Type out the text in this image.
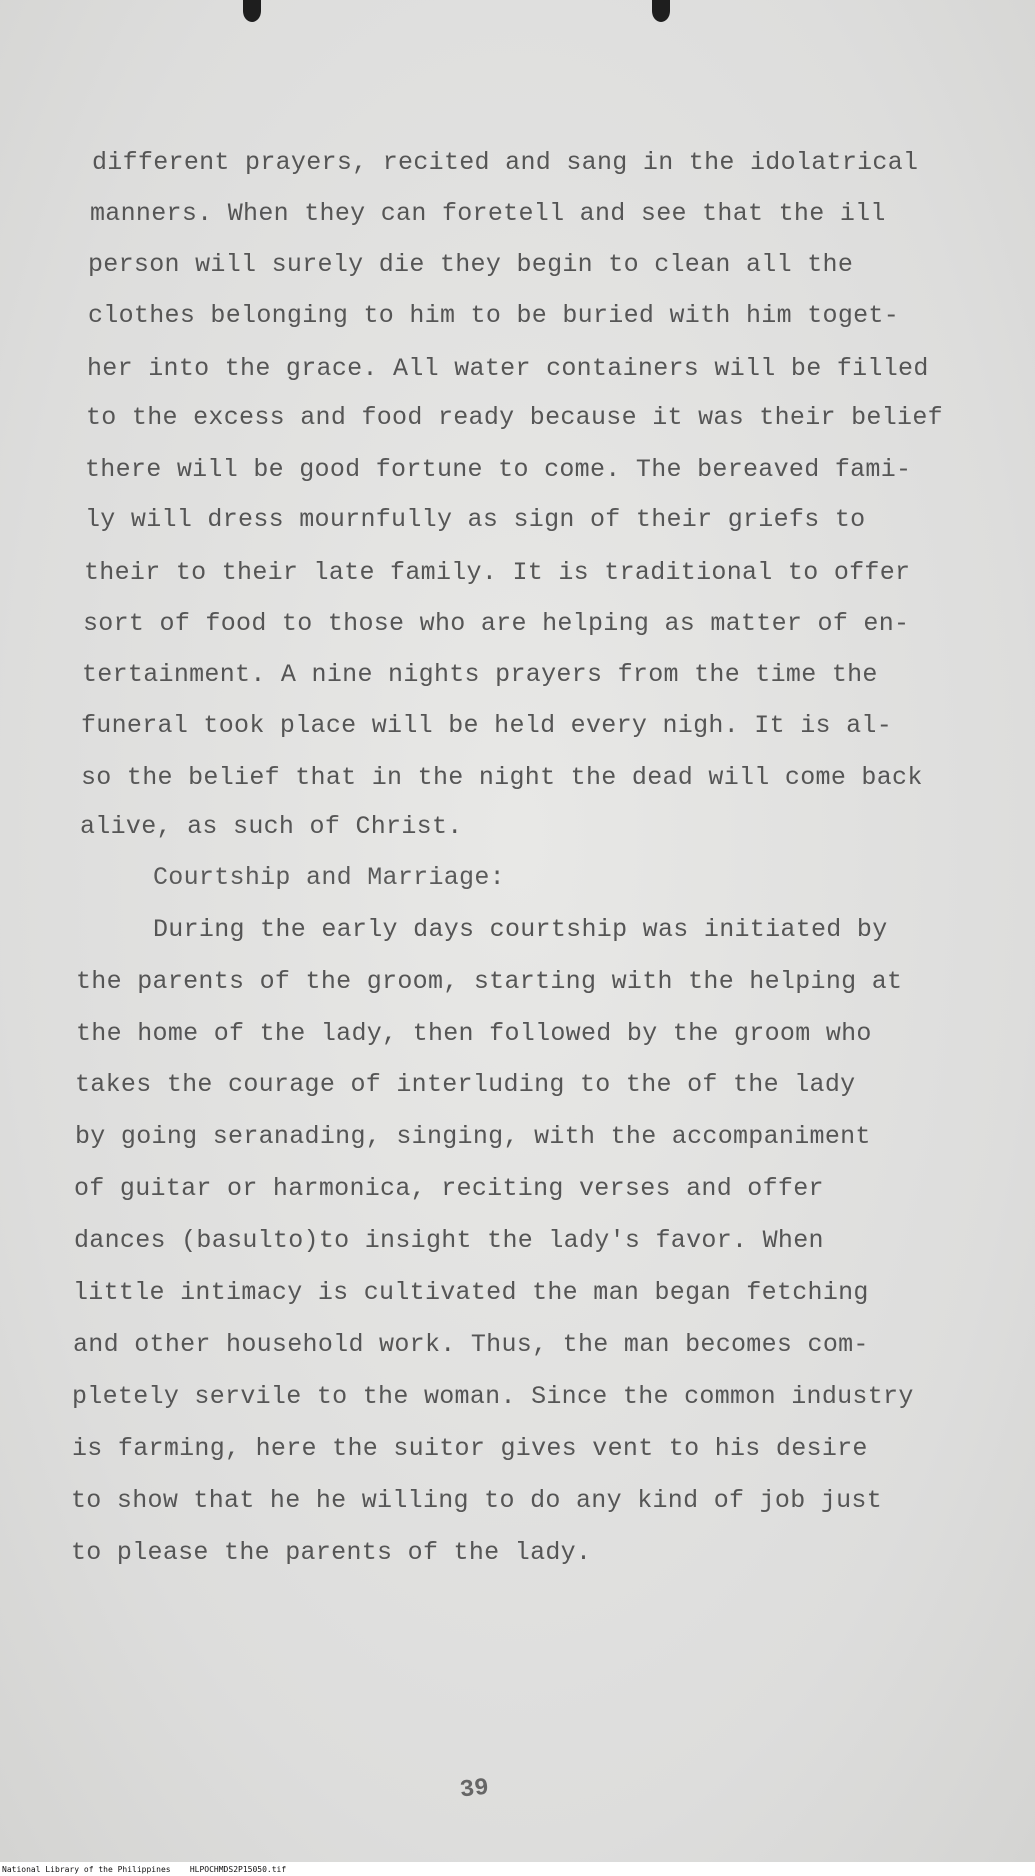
different prayers, recited and sang in the idolatrical
manners. When they can foretell and see that the ill
person will surely die they begin to clean all the
clothes belonging to him to be buried with him toget-
her into the grace. All water containers will be filled
to the excess and food ready because it was their belief
there will be good fortune to come. The bereaved fami-
ly will dress mournfully as sign of their griefs to
their to their late family. It is traditional to offer
sort of food to those who are helping as matter of en-
tertainment. A nine nights prayers from the time the
funeral took place will be held every nigh. It is al-
so the belief that in the night the dead will come back
alive, as such of Christ.
Courtship and Marriage:
During the early days courtship was initiated by
the parents of the groom, starting with the helping at
the home of the lady, then followed by the groom who
takes the courage of interluding to the of the lady
by going seranading, singing, with the accompaniment
of guitar or harmonica, reciting verses and offer
dances (basulto)to insight the lady's favor. When
little intimacy is cultivated the man began fetching
and other household work. Thus, the man becomes com-
pletely servile to the woman. Since the common industry
is farming, here the suitor gives vent to his desire
to show that he he willing to do any kind of job just
to please the parents of the lady.
39
National Library of the Philippines HLPOCHMDS2P15050.tif
